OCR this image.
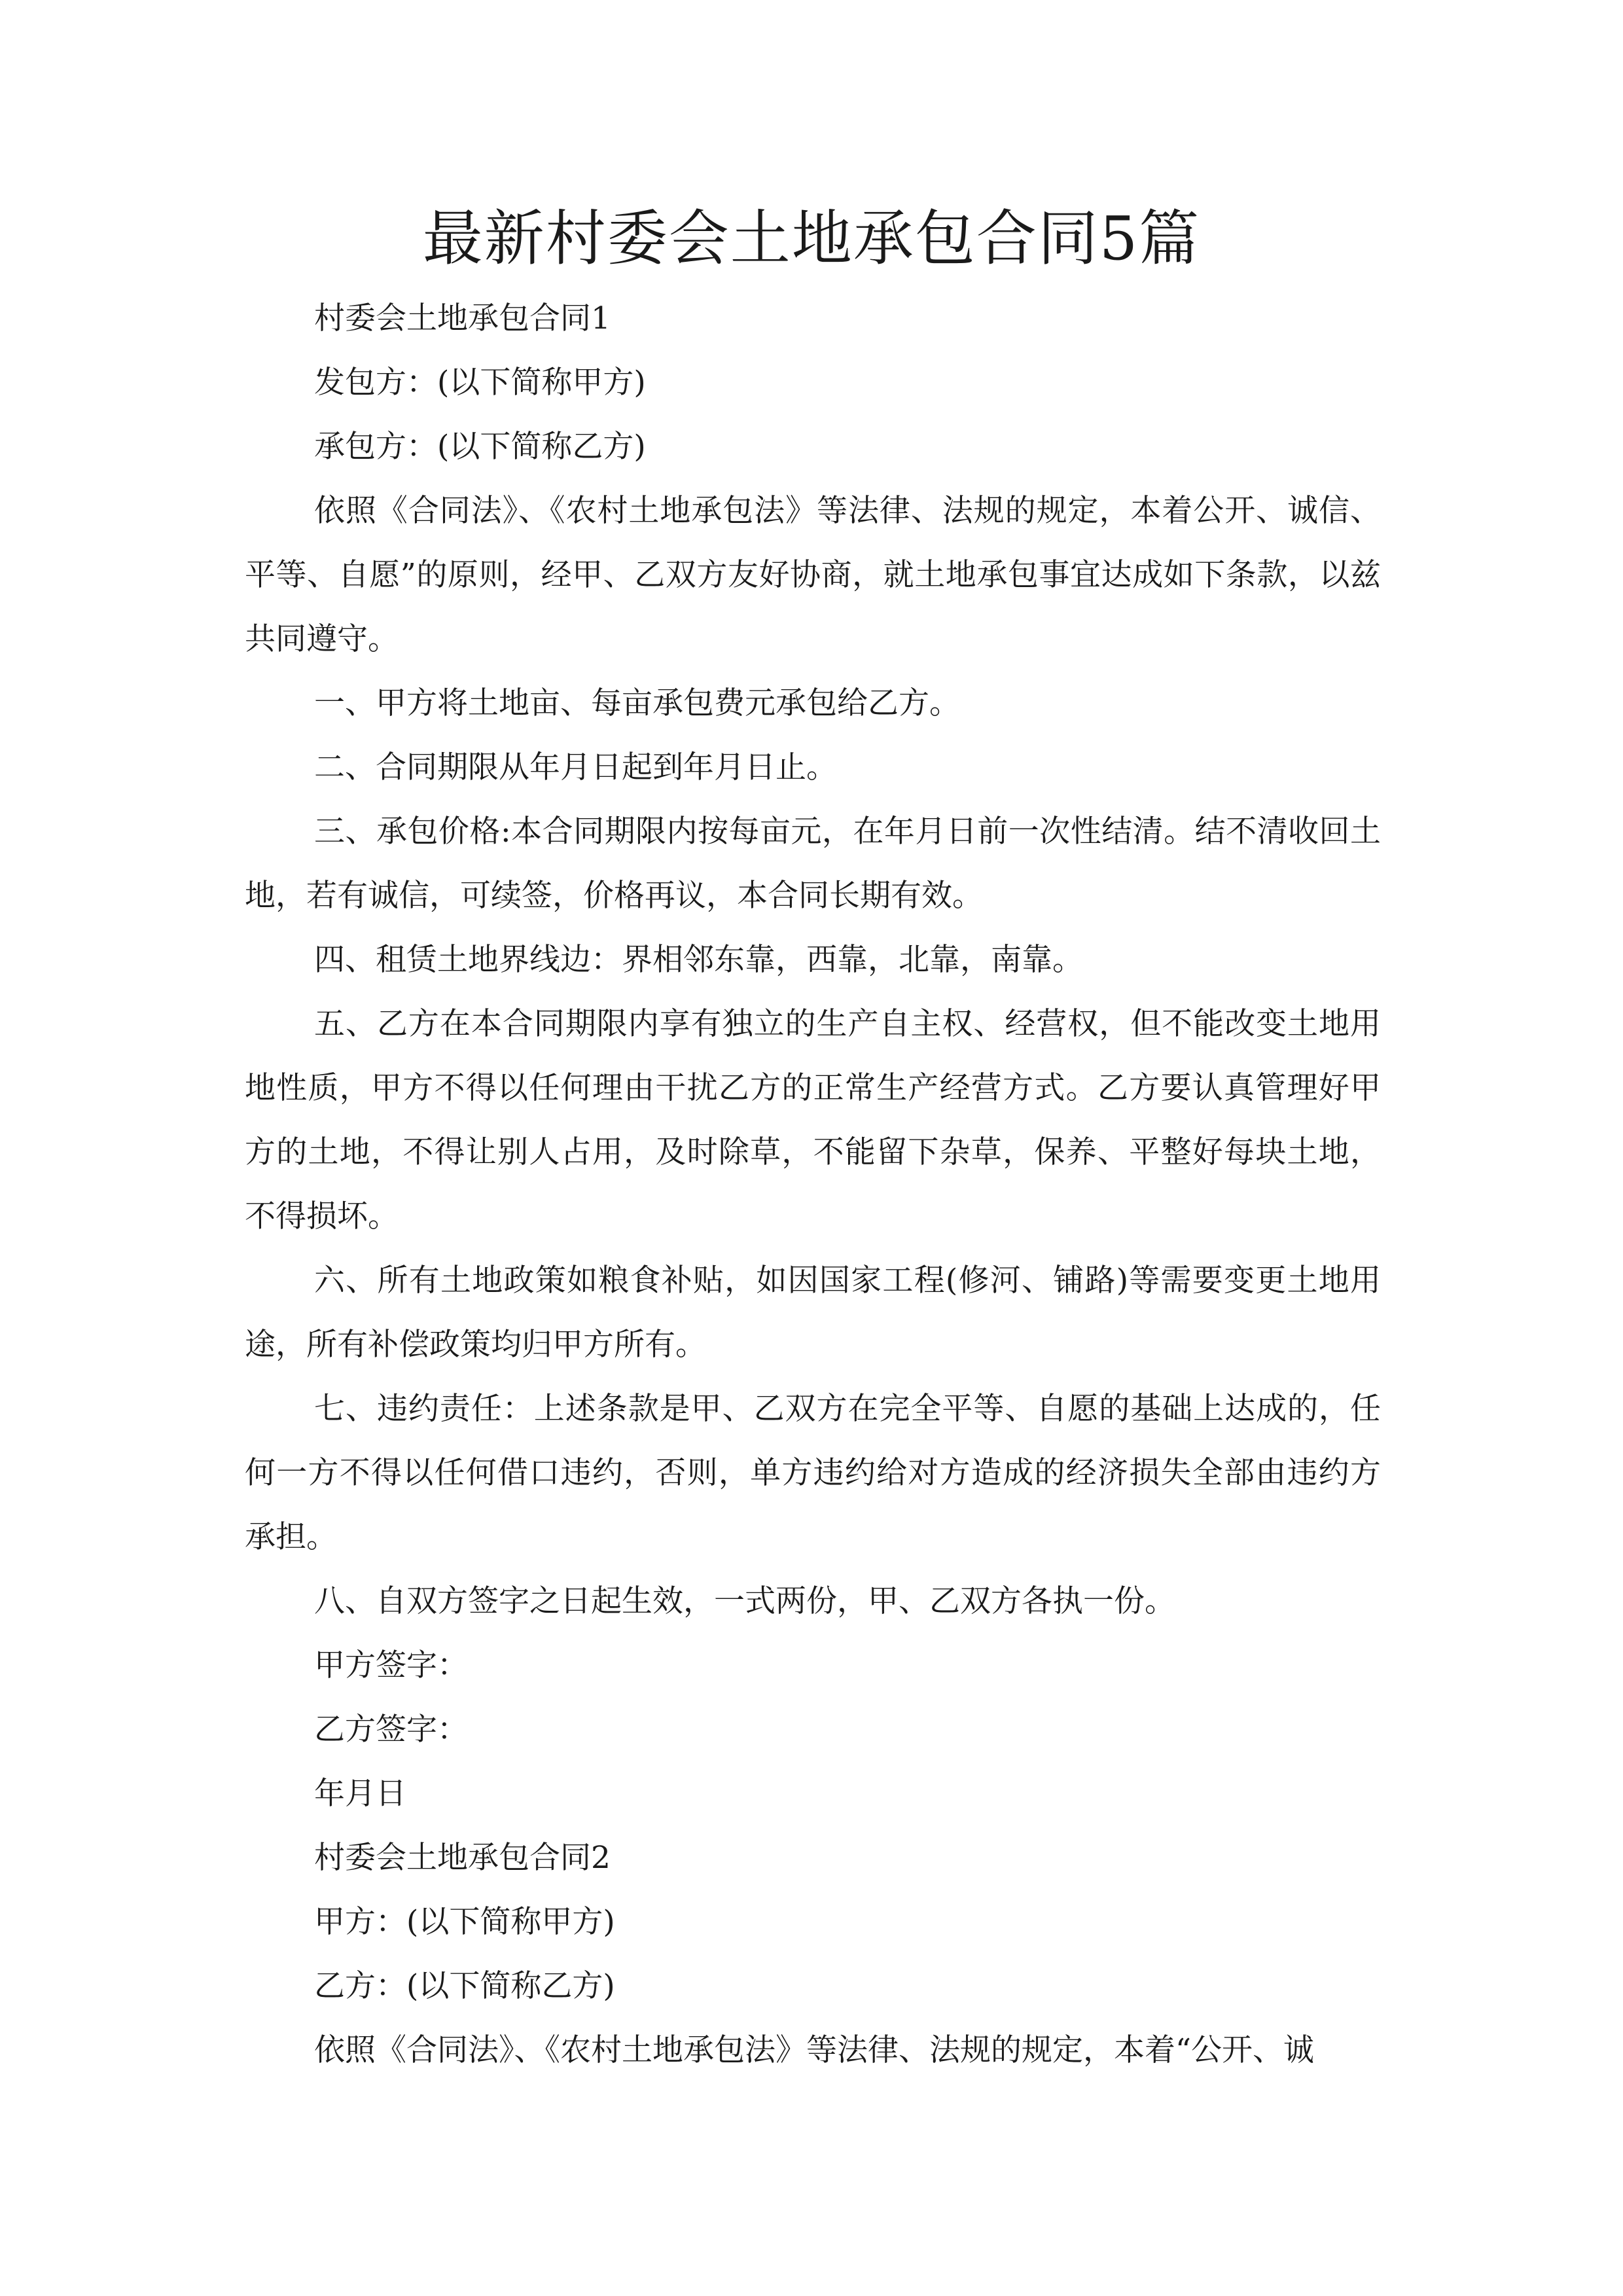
最新村委会土地承包合同5篇

村委会土地承包合同1

发包方：(以下简称甲方)

承包方：(以下简称乙方)

依照《合同法》、《农村土地承包法》等法律、法规的规定，本着公开、诚信、平等、自愿”的原则，经甲、乙双方友好协商，就土地承包事宜达成如下条款，以兹共同遵守。

一、甲方将土地亩、每亩承包费元承包给乙方。

二、合同期限从年月日起到年月日止。

三、承包价格:本合同期限内按每亩元，在年月日前一次性结清。结不清收回土地，若有诚信，可续签，价格再议，本合同长期有效。

四、租赁土地界线边：界相邻东靠，西靠，北靠，南靠。

五、乙方在本合同期限内享有独立的生产自主权、经营权，但不能改变土地用地性质，甲方不得以任何理由干扰乙方的正常生产经营方式。乙方要认真管理好甲方的土地，不得让别人占用，及时除草，不能留下杂草，保养、平整好每块土地，不得损坏。

六、所有土地政策如粮食补贴，如因国家工程(修河、铺路)等需要变更土地用途，所有补偿政策均归甲方所有。

七、违约责任：上述条款是甲、乙双方在完全平等、自愿的基础上达成的，任何一方不得以任何借口违约，否则，单方违约给对方造成的经济损失全部由违约方承担。

八、自双方签字之日起生效，一式两份，甲、乙双方各执一份。

甲方签字：

乙方签字：

年月日

村委会土地承包合同2

甲方：(以下简称甲方)

乙方：(以下简称乙方)

依照《合同法》、《农村土地承包法》等法律、法规的规定，本着“公开、诚
